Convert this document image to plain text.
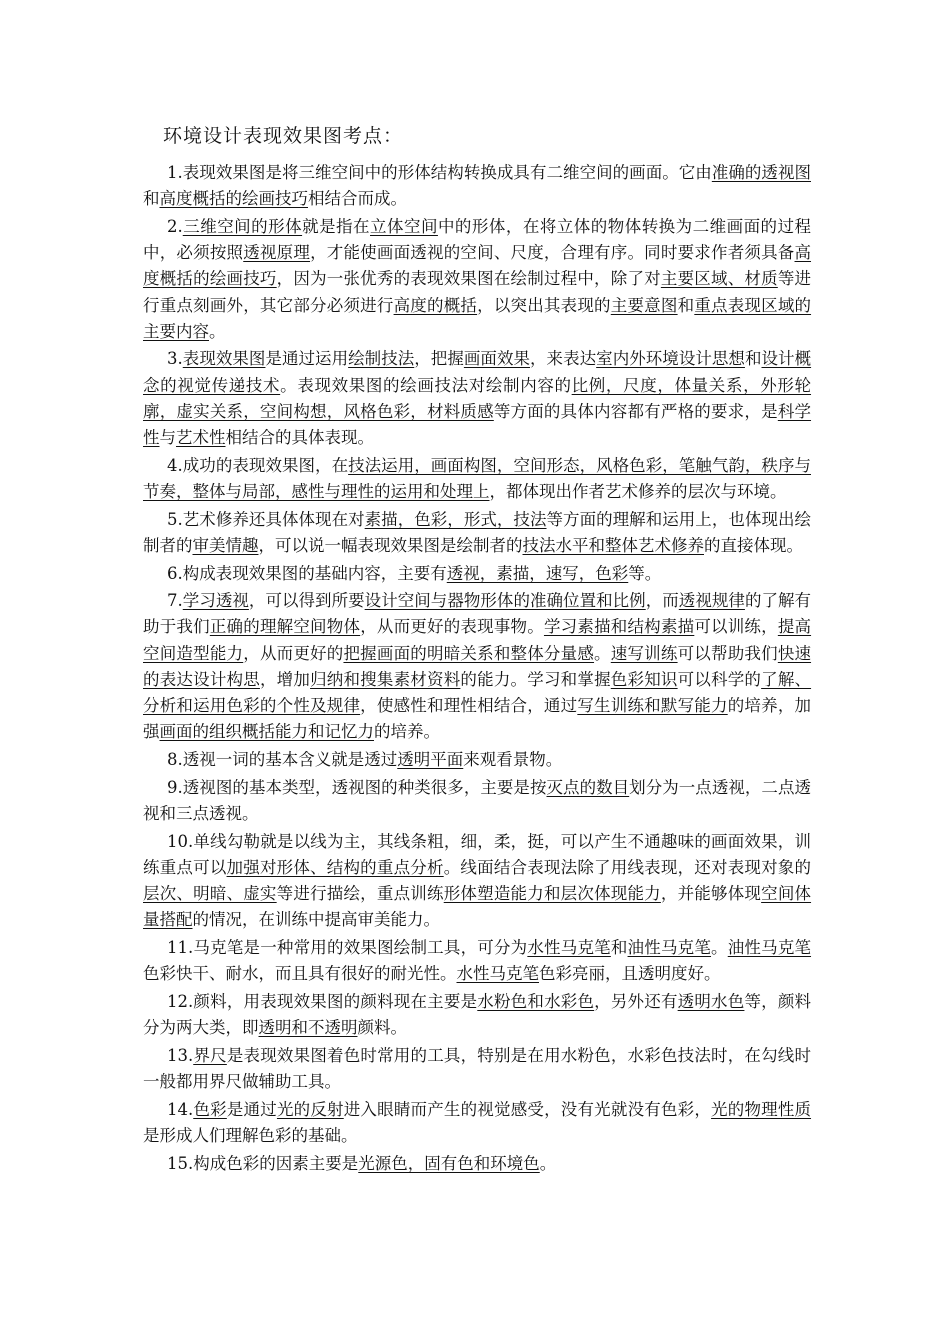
环境设计表现效果图考点：

1.表现效果图是将三维空间中的形体结构转换成具有二维空间的画面。它由准确的透视图和高度概括的绘画技巧相结合而成。

2.三维空间的形体就是指在立体空间中的形体，在将立体的物体转换为二维画面的过程中，必须按照透视原理，才能使画面透视的空间、尺度，合理有序。同时要求作者须具备高度概括的绘画技巧，因为一张优秀的表现效果图在绘制过程中，除了对主要区域、材质等进行重点刻画外，其它部分必须进行高度的概括，以突出其表现的主要意图和重点表现区域的主要内容。

3.表现效果图是通过运用绘制技法，把握画面效果，来表达室内外环境设计思想和设计概念的视觉传递技术。表现效果图的绘画技法对绘制内容的比例，尺度，体量关系，外形轮廓，虚实关系，空间构想，风格色彩，材料质感等方面的具体内容都有严格的要求，是科学性与艺术性相结合的具体表现。

4.成功的表现效果图，在技法运用，画面构图，空间形态，风格色彩，笔触气韵，秩序与节奏，整体与局部，感性与理性的运用和处理上，都体现出作者艺术修养的层次与环境。

5.艺术修养还具体体现在对素描，色彩，形式，技法等方面的理解和运用上，也体现出绘制者的审美情趣，可以说一幅表现效果图是绘制者的技法水平和整体艺术修养的直接体现。

6.构成表现效果图的基础内容，主要有透视，素描，速写，色彩等。

7.学习透视，可以得到所要设计空间与器物形体的准确位置和比例，而透视规律的了解有助于我们正确的理解空间物体，从而更好的表现事物。学习素描和结构素描可以训练，提高空间造型能力，从而更好的把握画面的明暗关系和整体分量感。速写训练可以帮助我们快速的表达设计构思，增加归纳和搜集素材资料的能力。学习和掌握色彩知识可以科学的了解、分析和运用色彩的个性及规律，使感性和理性相结合，通过写生训练和默写能力的培养，加强画面的组织概括能力和记忆力的培养。

8.透视一词的基本含义就是透过透明平面来观看景物。

9.透视图的基本类型，透视图的种类很多，主要是按灭点的数目划分为一点透视，二点透视和三点透视。

10.单线勾勒就是以线为主，其线条粗，细，柔，挺，可以产生不通趣味的画面效果，训练重点可以加强对形体、结构的重点分析。线面结合表现法除了用线表现，还对表现对象的层次、明暗、虚实等进行描绘，重点训练形体塑造能力和层次体现能力，并能够体现空间体量搭配的情况，在训练中提高审美能力。

11.马克笔是一种常用的效果图绘制工具，可分为水性马克笔和油性马克笔。油性马克笔色彩快干、耐水，而且具有很好的耐光性。水性马克笔色彩亮丽，且透明度好。

12.颜料，用表现效果图的颜料现在主要是水粉色和水彩色，另外还有透明水色等，颜料分为两大类，即透明和不透明颜料。

13.界尺是表现效果图着色时常用的工具，特别是在用水粉色，水彩色技法时，在勾线时一般都用界尺做辅助工具。

14.色彩是通过光的反射进入眼睛而产生的视觉感受，没有光就没有色彩，光的物理性质是形成人们理解色彩的基础。

15.构成色彩的因素主要是光源色，固有色和环境色。
